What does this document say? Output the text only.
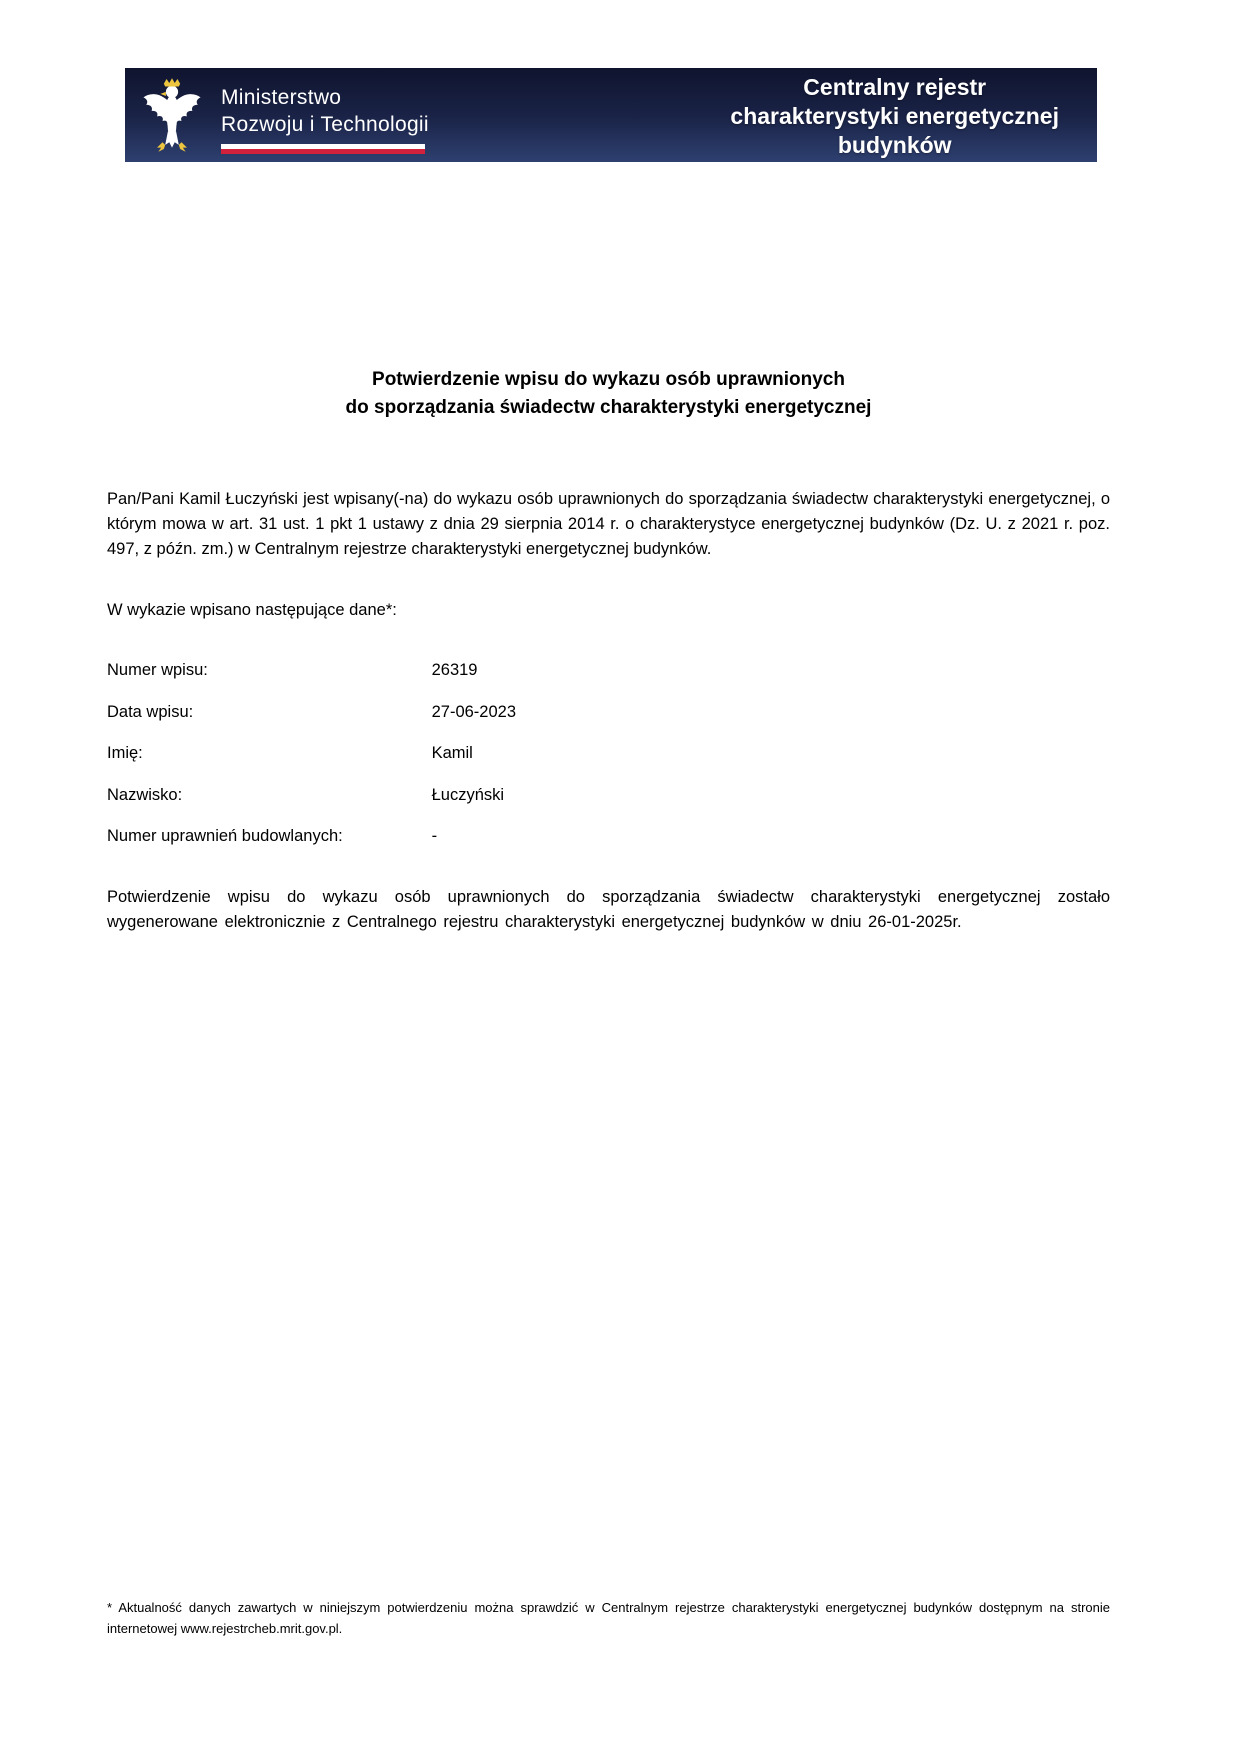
Ministerstwo
Rozwoju i Technologii
Centralny rejestr
charakterystyki energetycznej
budynków
Potwierdzenie wpisu do wykazu osób uprawnionych
do sporządzania świadectw charakterystyki energetycznej
Pan/Pani Kamil Łuczyński jest wpisany(-na) do wykazu osób uprawnionych do sporządzania świadectw charakterystyki energetycznej, o którym mowa w art. 31 ust. 1 pkt 1 ustawy z dnia 29 sierpnia 2014 r. o charakterystyce energetycznej budynków (Dz. U. z 2021 r. poz. 497, z późn. zm.) w Centralnym rejestrze charakterystyki energetycznej budynków.
W wykazie wpisano następujące dane*:
Numer wpisu:	26319
Data wpisu:	27-06-2023
Imię:	Kamil
Nazwisko:	Łuczyński
Numer uprawnień budowlanych:	-
Potwierdzenie wpisu do wykazu osób uprawnionych do sporządzania świadectw charakterystyki energetycznej zostało wygenerowane elektronicznie z Centralnego rejestru charakterystyki energetycznej budynków w dniu 26-01-2025r.
* Aktualność danych zawartych w niniejszym potwierdzeniu można sprawdzić w Centralnym rejestrze charakterystyki energetycznej budynków dostępnym na stronie internetowej www.rejestrcheb.mrit.gov.pl.
